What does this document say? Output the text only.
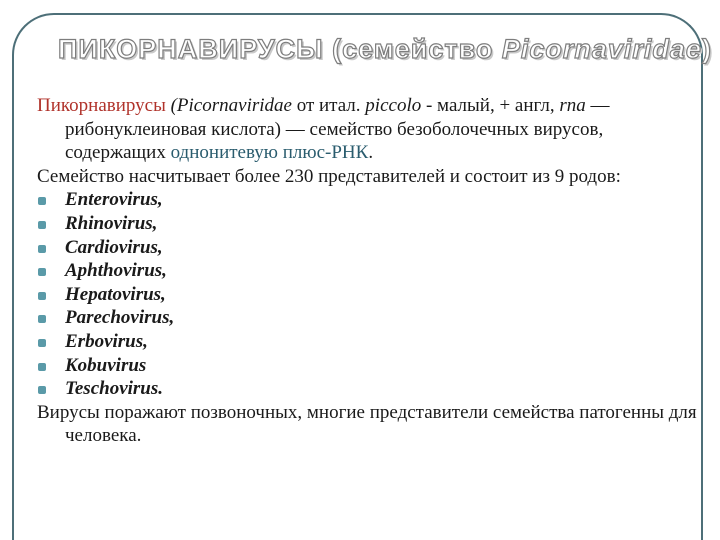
ПИКОРНАВИРУСЫ (семейство Picornaviridae)

Пикорнавирусы (Picornaviridae от итал. piccolo - малый, + англ, rna — рибонуклеиновая кислота) — семейство безоболочечных вирусов, содержащих однонитевую плюс-РНК.

Семейство насчитывает более 230 представителей и состоит из 9 родов:

Enterovirus,
Rhinovirus,
Cardiovirus,
Aphthovirus,
Hepatovirus,
Parechovirus,
Erbovirus,
Kobuvirus
Teschovirus.

Вирусы поражают позвоночных, многие представители семейства патогенны для человека.
